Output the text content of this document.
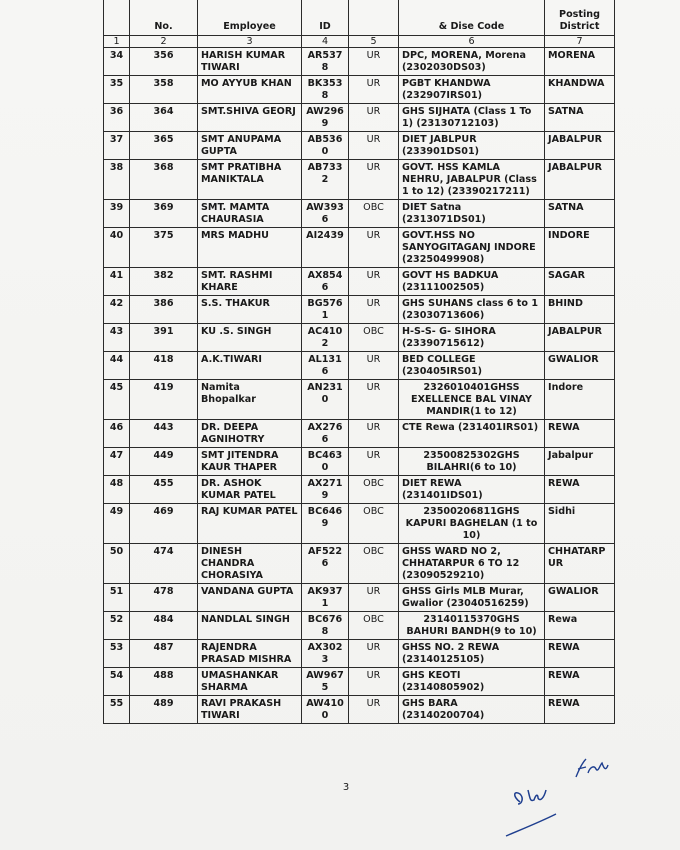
	No.	Employee	ID		& Dise Code	Posting District
1	2	3	4	5	6	7
34	356	HARISH KUMAR TIWARI	AR5378	UR	DPC, MORENA, Morena (2302030DS03)	MORENA
35	358	MO AYYUB KHAN	BK3538	UR	PGBT KHANDWA (232907IRS01)	KHANDWA
36	364	SMT.SHIVA GEORJ	AW2969	UR	GHS SIJHATA (Class 1 To 1) (23130712103)	SATNA
37	365	SMT ANUPAMA GUPTA	AB5360	UR	DIET JABLPUR (233901DS01)	JABALPUR
38	368	SMT PRATIBHA MANIKTALA	AB7332	UR	GOVT. HSS KAMLA NEHRU, JABALPUR (Class 1 to 12) (23390217211)	JABALPUR
39	369	SMT. MAMTA CHAURASIA	AW3936	OBC	DIET Satna (2313071DS01)	SATNA
40	375	MRS MADHU	AI2439	UR	GOVT.HSS NO SANYOGITAGANJ INDORE (23250499908)	INDORE
41	382	SMT. RASHMI KHARE	AX8546	UR	GOVT HS BADKUA (23111002505)	SAGAR
42	386	S.S. THAKUR	BG5761	UR	GHS SUHANS class 6 to 1 (23030713606)	BHIND
43	391	KU .S. SINGH	AC4102	OBC	H-S-S- G- SIHORA (23390715612)	JABALPUR
44	418	A.K.TIWARI	AL1316	UR	BED COLLEGE (230405IRS01)	GWALIOR
45	419	Namita Bhopalkar	AN2310	UR	2326010401GHSS EXELLENCE BAL VINAY MANDIR(1 to 12)	Indore
46	443	DR. DEEPA AGNIHOTRY	AX2766	UR	CTE Rewa (231401IRS01)	REWA
47	449	SMT JITENDRA KAUR THAPER	BC4630	UR	23500825302GHS BILAHRI(6 to 10)	Jabalpur
48	455	DR. ASHOK KUMAR PATEL	AX2719	OBC	DIET REWA (231401IDS01)	REWA
49	469	RAJ KUMAR PATEL	BC6469	OBC	23500206811GHS KAPURI BAGHELAN (1 to 10)	Sidhi
50	474	DINESH CHANDRA CHORASIYA	AF5226	OBC	GHSS WARD NO 2, CHHATARPUR 6 TO 12 (23090529210)	CHHATARPUR
51	478	VANDANA GUPTA	AK9371	UR	GHSS Girls MLB Murar, Gwalior (23040516259)	GWALIOR
52	484	NANDLAL SINGH	BC6768	OBC	23140115370GHS BAHURI BANDH(9 to 10)	Rewa
53	487	RAJENDRA PRASAD MISHRA	AX3023	UR	GHSS NO. 2 REWA (23140125105)	REWA
54	488	UMASHANKAR SHARMA	AW9675	UR	GHS KEOTI (23140805902)	REWA
55	489	RAVI PRAKASH TIWARI	AW4100	UR	GHS BARA (23140200704)	REWA
3
